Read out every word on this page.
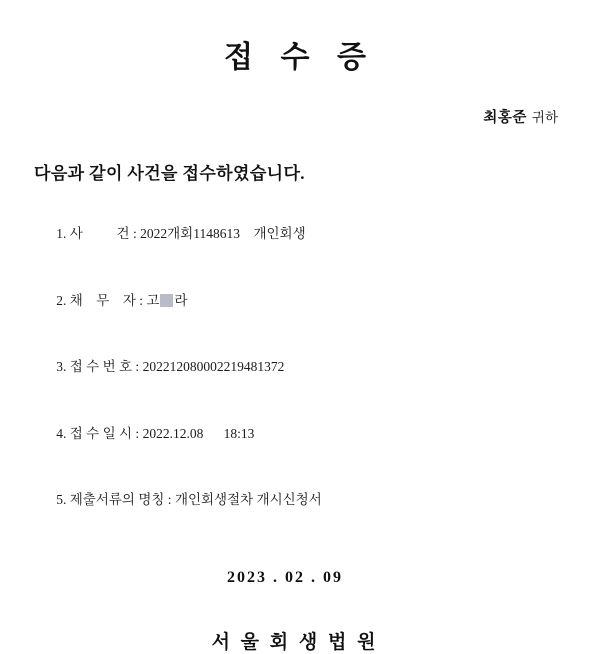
접 수 증
최홍준 귀하
다음과 같이 사건을 접수하였습니다.

1. 사          건 : 2022개회1148613    개인회생

2. 채    무    자 : 고 라

3. 접 수 번 호 : 202212080002219481372

4. 접 수 일 시 : 2022.12.08      18:13

5. 제출서류의 명칭 : 개인회생절차 개시신청서

2023 . 02 . 09
서 울 회 생 법 원
